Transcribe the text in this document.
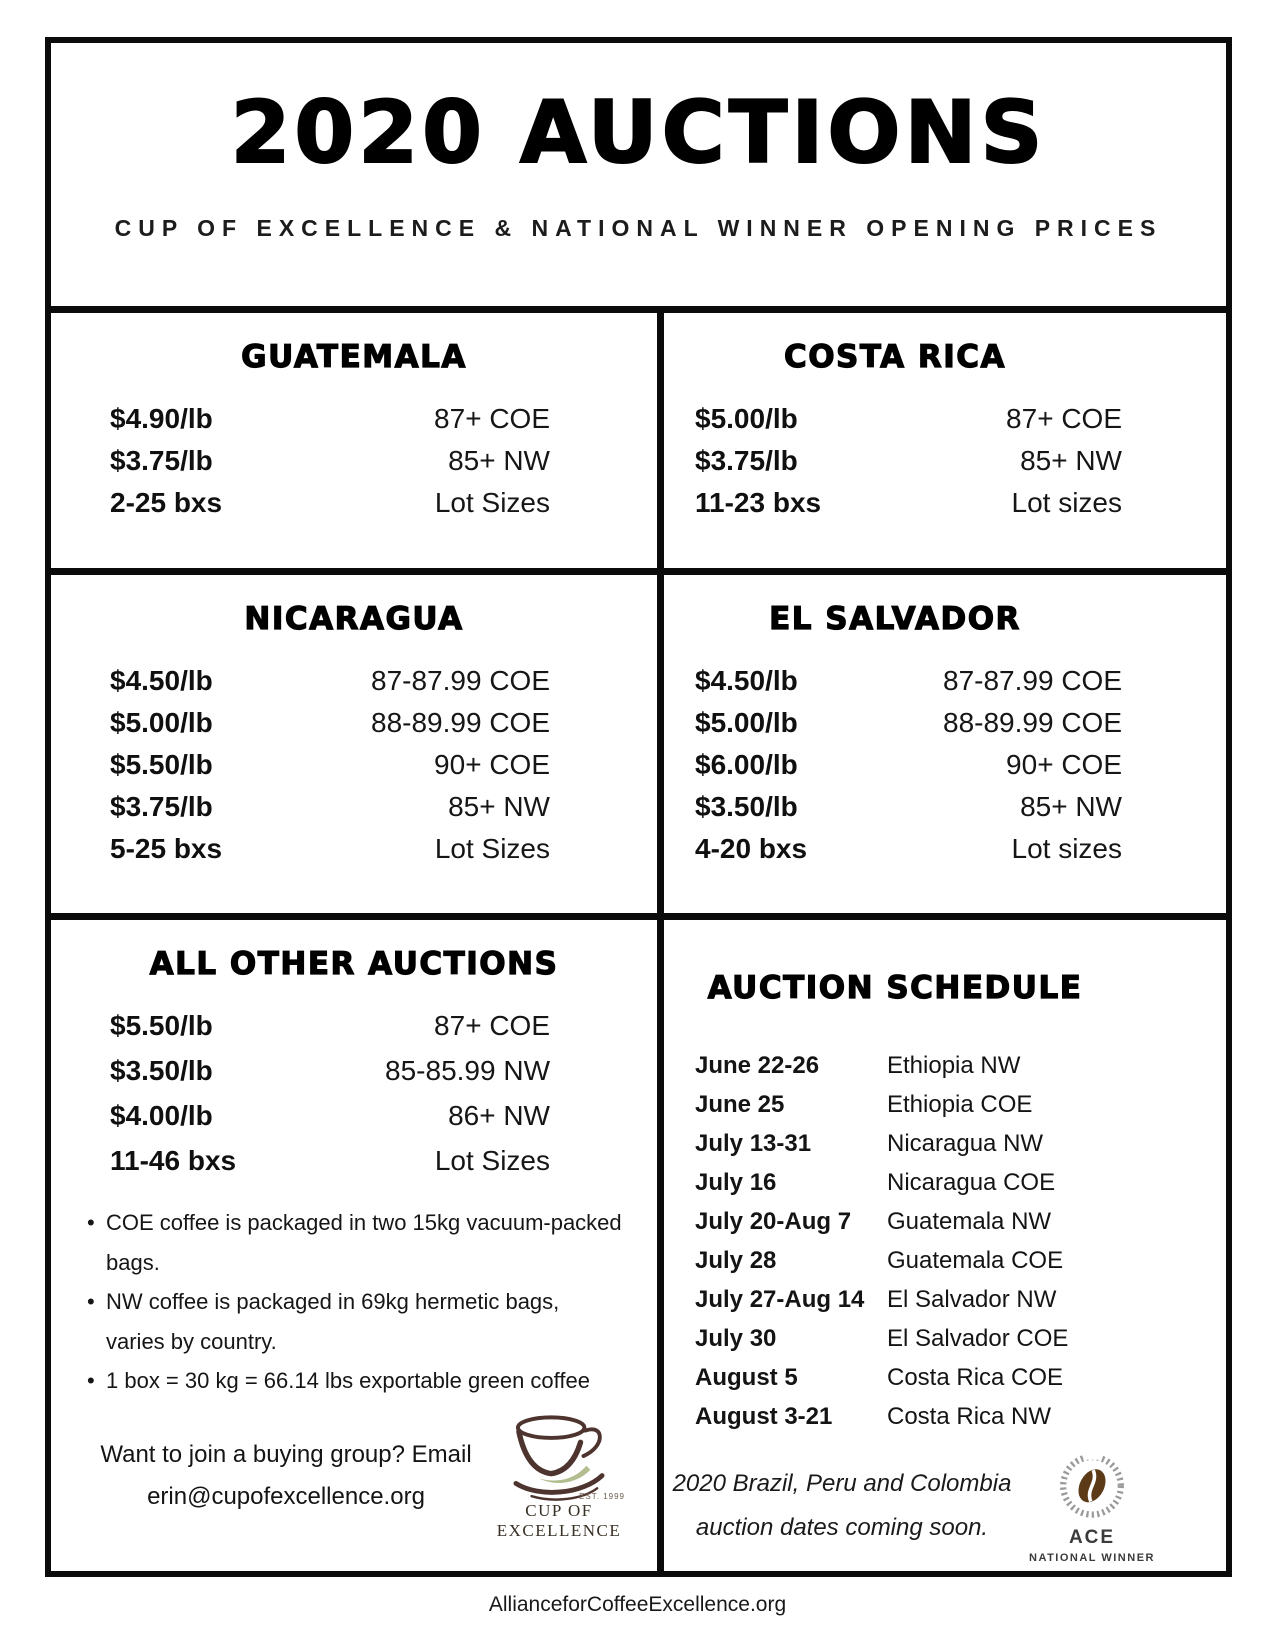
2020 AUCTIONS
CUP OF EXCELLENCE & NATIONAL WINNER OPENING PRICES
GUATEMALA
$4.90/lb	87+ COE
$3.75/lb	85+ NW
2-25 bxs	Lot Sizes
COSTA RICA
$5.00/lb	87+ COE
$3.75/lb	85+ NW
11-23 bxs	Lot sizes
NICARAGUA
$4.50/lb	87-87.99 COE
$5.00/lb	88-89.99 COE
$5.50/lb	90+ COE
$3.75/lb	85+ NW
5-25 bxs	Lot Sizes
EL SALVADOR
$4.50/lb	87-87.99 COE
$5.00/lb	88-89.99 COE
$6.00/lb	90+ COE
$3.50/lb	85+ NW
4-20 bxs	Lot sizes
ALL OTHER AUCTIONS
$5.50/lb	87+ COE
$3.50/lb	85-85.99 NW
$4.00/lb	86+ NW
11-46 bxs	Lot Sizes
• COE coffee is packaged in two 15kg vacuum-packed bags.
• NW coffee is packaged in 69kg hermetic bags, varies by country.
• 1 box = 30 kg = 66.14 lbs exportable green coffee
Want to join a buying group? Email
erin@cupofexcellence.org	EST. 1999
CUP OF
EXCELLENCE
AUCTION SCHEDULE
June 22-26	Ethiopia NW
June 25	Ethiopia COE
July 13-31	Nicaragua NW
July 16	Nicaragua COE
July 20-Aug 7	Guatemala NW
July 28	Guatemala COE
July 27-Aug 14 El Salvador NW
July 30	El Salvador COE
August 5	Costa Rica COE
August 3-21	Costa Rica NW
2020 Brazil, Peru and Colombia
auction dates coming soon.	ACE
NATIONAL WINNER
AllianceforCoffeeExcellence.org
